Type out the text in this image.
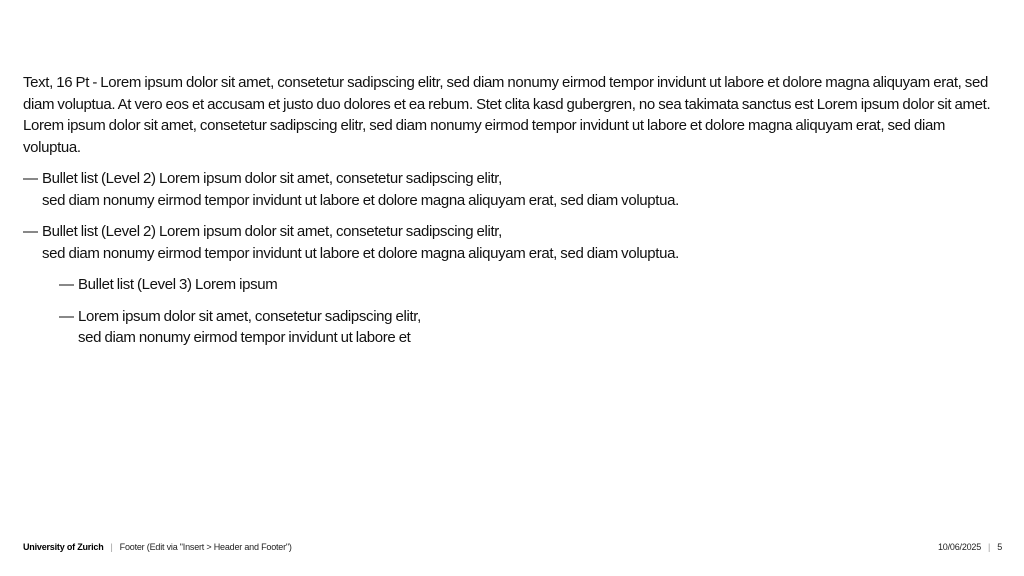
Text, 16 Pt - Lorem ipsum dolor sit amet, consetetur sadipscing elitr, sed diam nonumy eirmod tempor invidunt ut labore et dolore magna aliquyam erat, sed diam voluptua. At vero eos et accusam et justo duo dolores et ea rebum. Stet clita kasd gubergren, no sea takimata sanctus est Lorem ipsum dolor sit amet. Lorem ipsum dolor sit amet, consetetur sadipscing elitr, sed diam nonumy eirmod tempor invidunt ut labore et dolore magna aliquyam erat, sed diam voluptua.

— Bullet list (Level 2) Lorem ipsum dolor sit amet, consetetur sadipscing elitr,
sed diam nonumy eirmod tempor invidunt ut labore et dolore magna aliquyam erat, sed diam voluptua.
— Bullet list (Level 2) Lorem ipsum dolor sit amet, consetetur sadipscing elitr,
sed diam nonumy eirmod tempor invidunt ut labore et dolore magna aliquyam erat, sed diam voluptua.
— Bullet list (Level 3) Lorem ipsum
— Lorem ipsum dolor sit amet, consetetur sadipscing elitr,
sed diam nonumy eirmod tempor invidunt ut labore et
University of Zurich | Footer (Edit via "Insert > Header and Footer")	10/06/2025 | 5
